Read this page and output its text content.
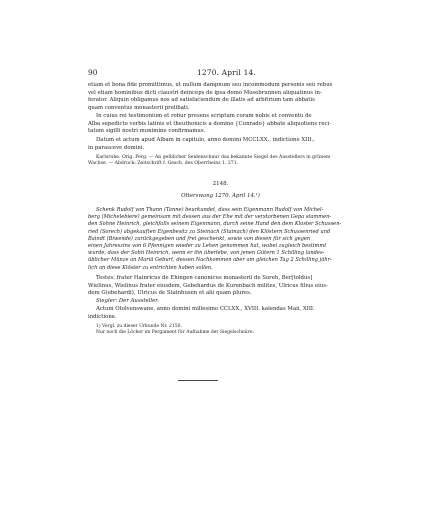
90	1270. April 14.

etiam et bona fide promittimus, ut nullum dampnum seu incommodum personis seu rebus

vel etiam hominibus dicti claustri deinceps de ipsa domo Mosebrunnen aliquatinus in-

ferator. Aliquin obligamus nos ad satisfaciendum de illatis ad arbitrium tam abbatis

quam conventus monasterii prelibati.

In cuius rei testimonium et robur presens scriptum coram nobis et conventu de

Alba sepedicto verbis latinis et theuthonicis a domino {Cunrado} abbate aliquotiens reci-

tatum sigilli nostri munimine confirmamus.

Datum et actum apud Albam in capitulo, anno domini MCCLXX., indictione XIII.,

in parasceve domini.

Karlsruhe. Orig. Perg. — An gelblicher Seidenschnur das bekannte Siegel des Ausstellers in grünem

Wachse. — Abdruck: Zeitschrift f. Gesch. des Oberrheins 1, 271.

2148.
Otterswang 1270. April 14.¹)

Schenk Rudolf von Thann (Tanne) beurkundet, dass sein Eigenmann Rudolf von Michel-

berg (Michelebiere) gemeinsam mit dessen aus der Ehe mit der verstorbenen Gepa stammen-

den Sohne Heinrich, gleichfalls seinem Eigenmann, durch seine Hand den dem Kloster Schussen-

ried (Sorech) abgekauften Eigenbesitz zu Steinach (Stainach) den Klöstern Schussenried und

Baindt (Biwende) zurückgegeben und frei geschenkt, sowie von diesen für sich gegen

einen Jahreszins von 6 Pfennigen wieder zu Lehen genommen hat, wobei zugleich bestimmt

wurde, dass der Sohn Heinrich, wenn er ihn überlebe, von jenen Gütern 1 Schilling landes-

üblicher Münze an Mariä Geburt, dessen Nachkommen aber am gleichen Tag 2 Schilling jähr-

lich an diese Klöster zu entrichten haben sollen.

Testes: frater Hainricus de Ehingen canonicus monasterii de Soreh, Ber[toldus]

Wielinus, Wielinus frater eiusdem, Gebehardus de Kurenbach milites, Ulricus filius eius-

dem G(ebehardi), Ulricus de Stainhusen et alii quam plures.

Siegler: Der Aussteller.

Actum Otolvenswane, anno domini millesimo CCLXX., XVIII. kalendas Maii, XIII.

indictione.

1) Vergl. zu dieser Urkunde Nr. 2150.

Nur noch die Löcher im Pergament für Aufnahme der Siegelschnüre.
